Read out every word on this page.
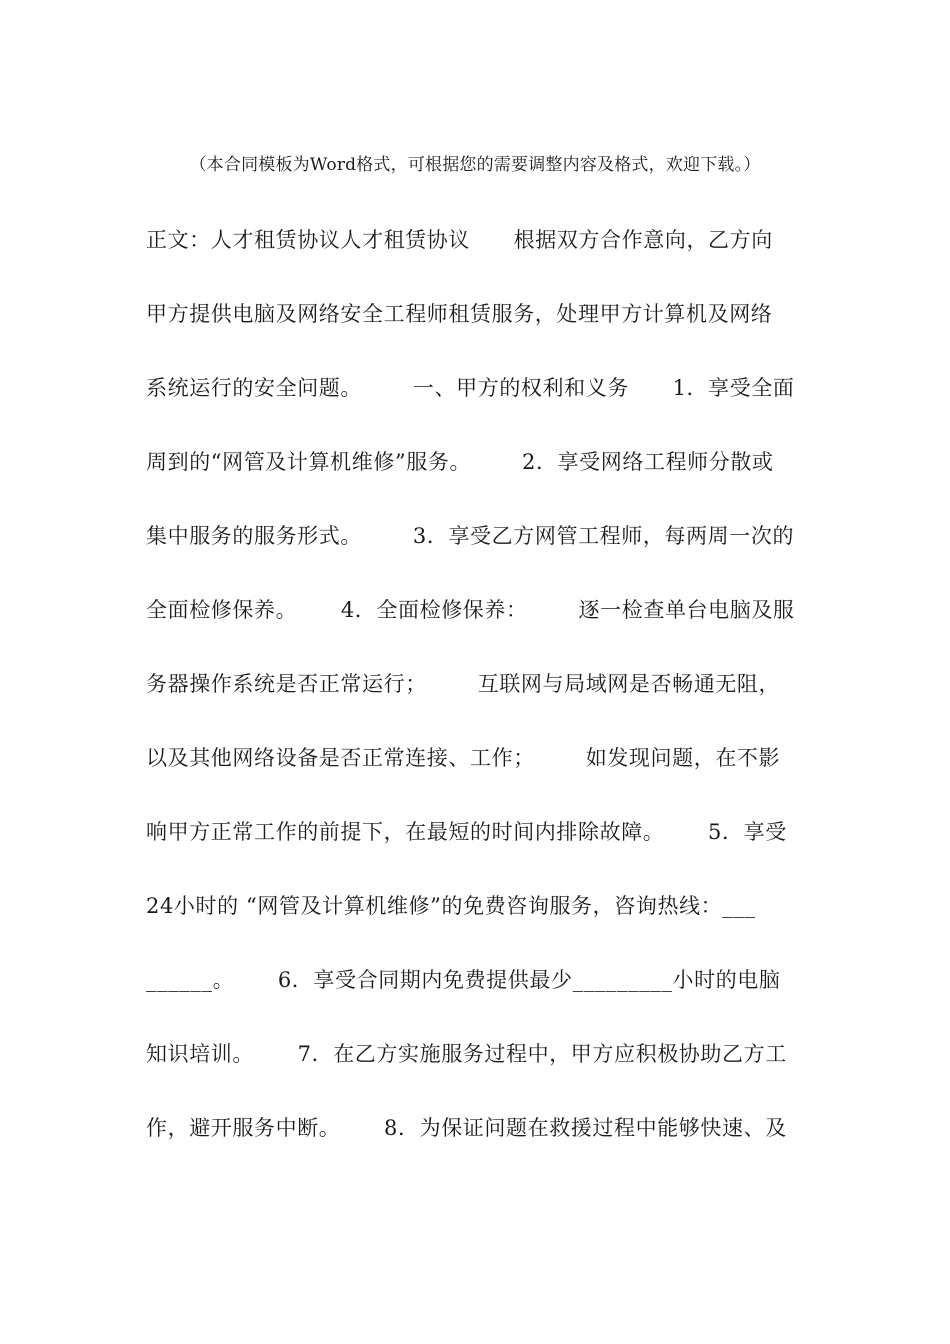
（本合同模板为Word格式，可根据您的需要调整内容及格式，欢迎下载。）
正文：人才租赁协议人才租赁协议      根据双方合作意向，乙方向
甲方提供电脑及网络安全工程师租赁服务，处理甲方计算机及网络
系统运行的安全问题。       一、甲方的权利和义务      1．享受全面
周到的“网管及计算机维修”服务。       2．享受网络工程师分散或
集中服务的服务形式。       3．享受乙方网管工程师，每两周一次的
全面检修保养。      4．全面检修保养：       逐一检查单台电脑及服
务器操作系统是否正常运行；       互联网与局域网是否畅通无阻，
以及其他网络设备是否正常连接、工作；       如发现问题，在不影
响甲方正常工作的前提下，在最短的时间内排除故障。      5．享受
24小时的 “网管及计算机维修”的免费咨询服务，咨询热线：___
______。      6．享受合同期内免费提供最少_________小时的电脑
知识培训。      7．在乙方实施服务过程中，甲方应积极协助乙方工
作，避开服务中断。      8．为保证问题在救援过程中能够快速、及
